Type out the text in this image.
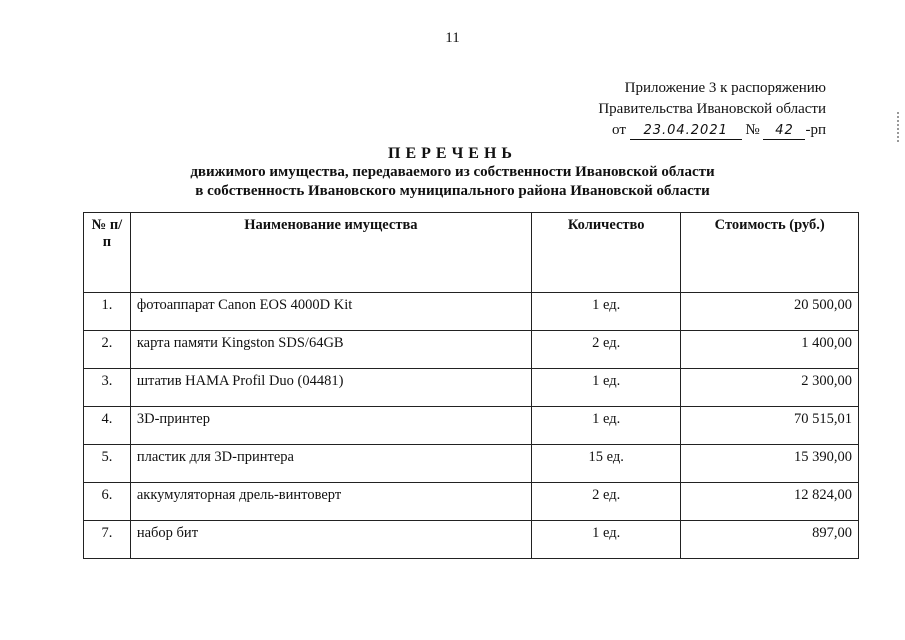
11
Приложение 3 к распоряжению
Правительства Ивановской области
от 23.04.2021 № 42 -рп
ПЕРЕЧЕНЬ
движимого имущества, передаваемого из собственности Ивановской области
в собственность Ивановского муниципального района Ивановской области
№ п/п	Наименование имущества	Количество	Стоимость (руб.)
1.	фотоаппарат Canon EOS 4000D Kit	1 ед.	20 500,00
2.	карта памяти Kingston SDS/64GB	2 ед.	1 400,00
3.	штатив HAMA Profil Duo (04481)	1 ед.	2 300,00
4.	3D-принтер	1 ед.	70 515,01
5.	пластик для 3D-принтера	15 ед.	15 390,00
6.	аккумуляторная дрель-винтоверт	2 ед.	12 824,00
7.	набор бит	1 ед.	897,00
